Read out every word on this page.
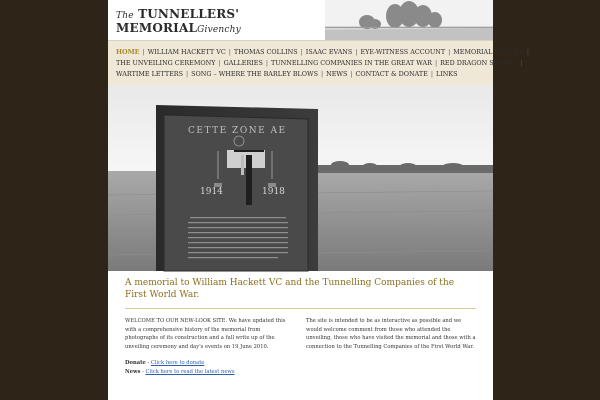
The TUNNELLERS'
MEMORIALGivenchy
HOME | WILLIAM HACKETT VC | THOMAS COLLINS | ISAAC EVANS | EYE-WITNESS ACCOUNT | MEMORIAL DETAILS |
THE UNVEILING CEREMONY | GALLERIES | TUNNELLING COMPANIES IN THE GREAT WAR | RED DRAGON SURVEY |
WARTIME LETTERS | SONG – WHERE THE BARLEY BLOWS | NEWS | CONTACT & DONATE | LINKS
CETTE ZONE AE
1914	1918
A memorial to William Hackett VC and the Tunnelling Companies of the First World War.
WELCOME TO OUR NEW-LOOK SITE. We have updated this with a comprehensive history of the memorial from photographs of its construction and a full write up of the unveiling ceremony and day's events on 19 June 2010.
The site is intended to be as interactive as possible and we would welcome comment from those who attended the unveiling, those who have visited the memorial and those with a connection to the Tunnelling Companies of the First World War.
Donate - Click here to donate
News - Click here to read the latest news
